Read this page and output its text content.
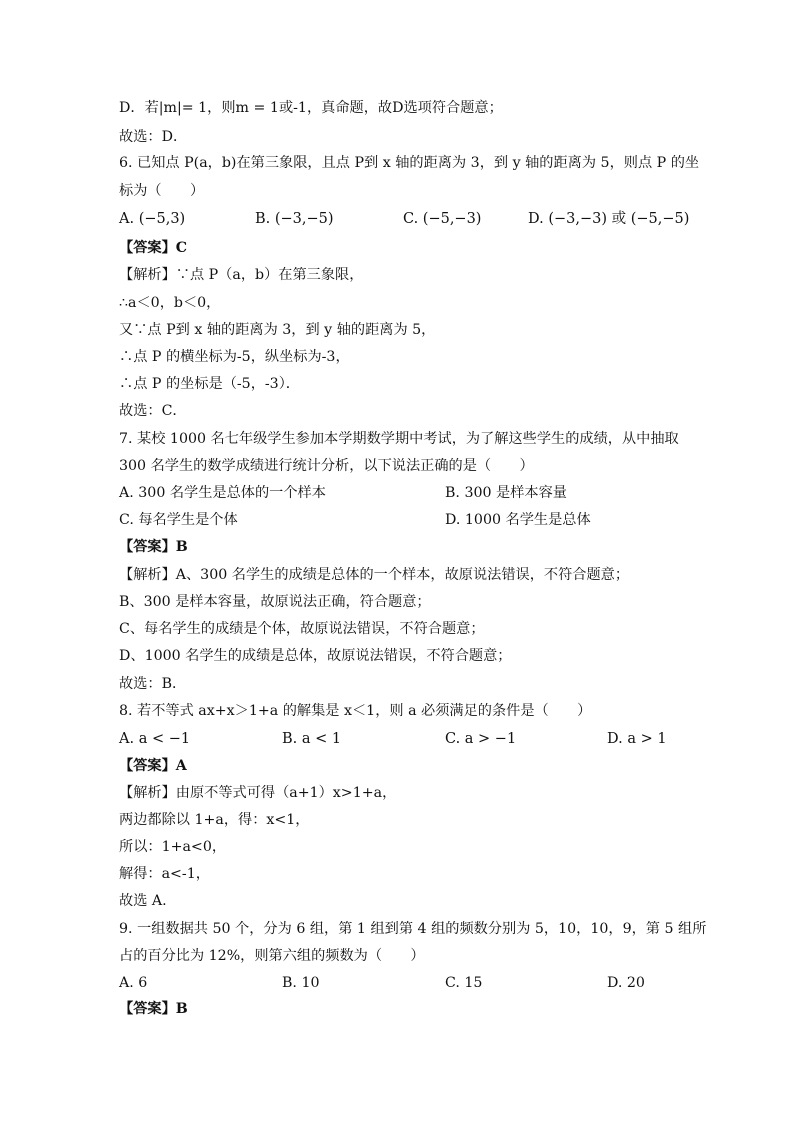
D．若|m|= 1，则m = 1或-1，真命题，故D选项符合题意；
故选：D．
6. 已知点 P(a，b)在第三象限，且点 P到 x 轴的距离为 3，到 y 轴的距离为 5，则点 P 的坐
标为（　　）
A. (−5,3)	B. (−3,−5)	C. (−5,−3)	D. (−3,−3) 或 (−5,−5)
【答案】C
【解析】∵点 P（a，b）在第三象限，
∴a＜0，b＜0，
又∵点 P到 x 轴的距离为 3，到 y 轴的距离为 5，
∴点 P 的横坐标为-5，纵坐标为-3，
∴点 P 的坐标是（-5，-3）．
故选：C．
7. 某校 1000 名七年级学生参加本学期数学期中考试，为了解这些学生的成绩，从中抽取
300 名学生的数学成绩进行统计分析，以下说法正确的是（　　）
A. 300 名学生是总体的一个样本	B. 300 是样本容量
C. 每名学生是个体	D. 1000 名学生是总体
【答案】B
【解析】A、300 名学生的成绩是总体的一个样本，故原说法错误，不符合题意；
B、300 是样本容量，故原说法正确，符合题意；
C、每名学生的成绩是个体，故原说法错误，不符合题意；
D、1000 名学生的成绩是总体，故原说法错误，不符合题意；
故选：B．
8. 若不等式 ax+x＞1+a 的解集是 x＜1，则 a 必须满足的条件是（　　）
A. a < −1	B. a < 1	C. a > −1	D. a > 1
【答案】A
【解析】由原不等式可得（a+1）x>1+a，
两边都除以 1+a，得：x<1，
所以：1+a<0，
解得：a<-1，
故选 A.
9. 一组数据共 50 个，分为 6 组，第 1 组到第 4 组的频数分别为 5，10，10，9，第 5 组所
占的百分比为 12%，则第六组的频数为（　　）
A. 6	B. 10	C. 15	D. 20
【答案】B
